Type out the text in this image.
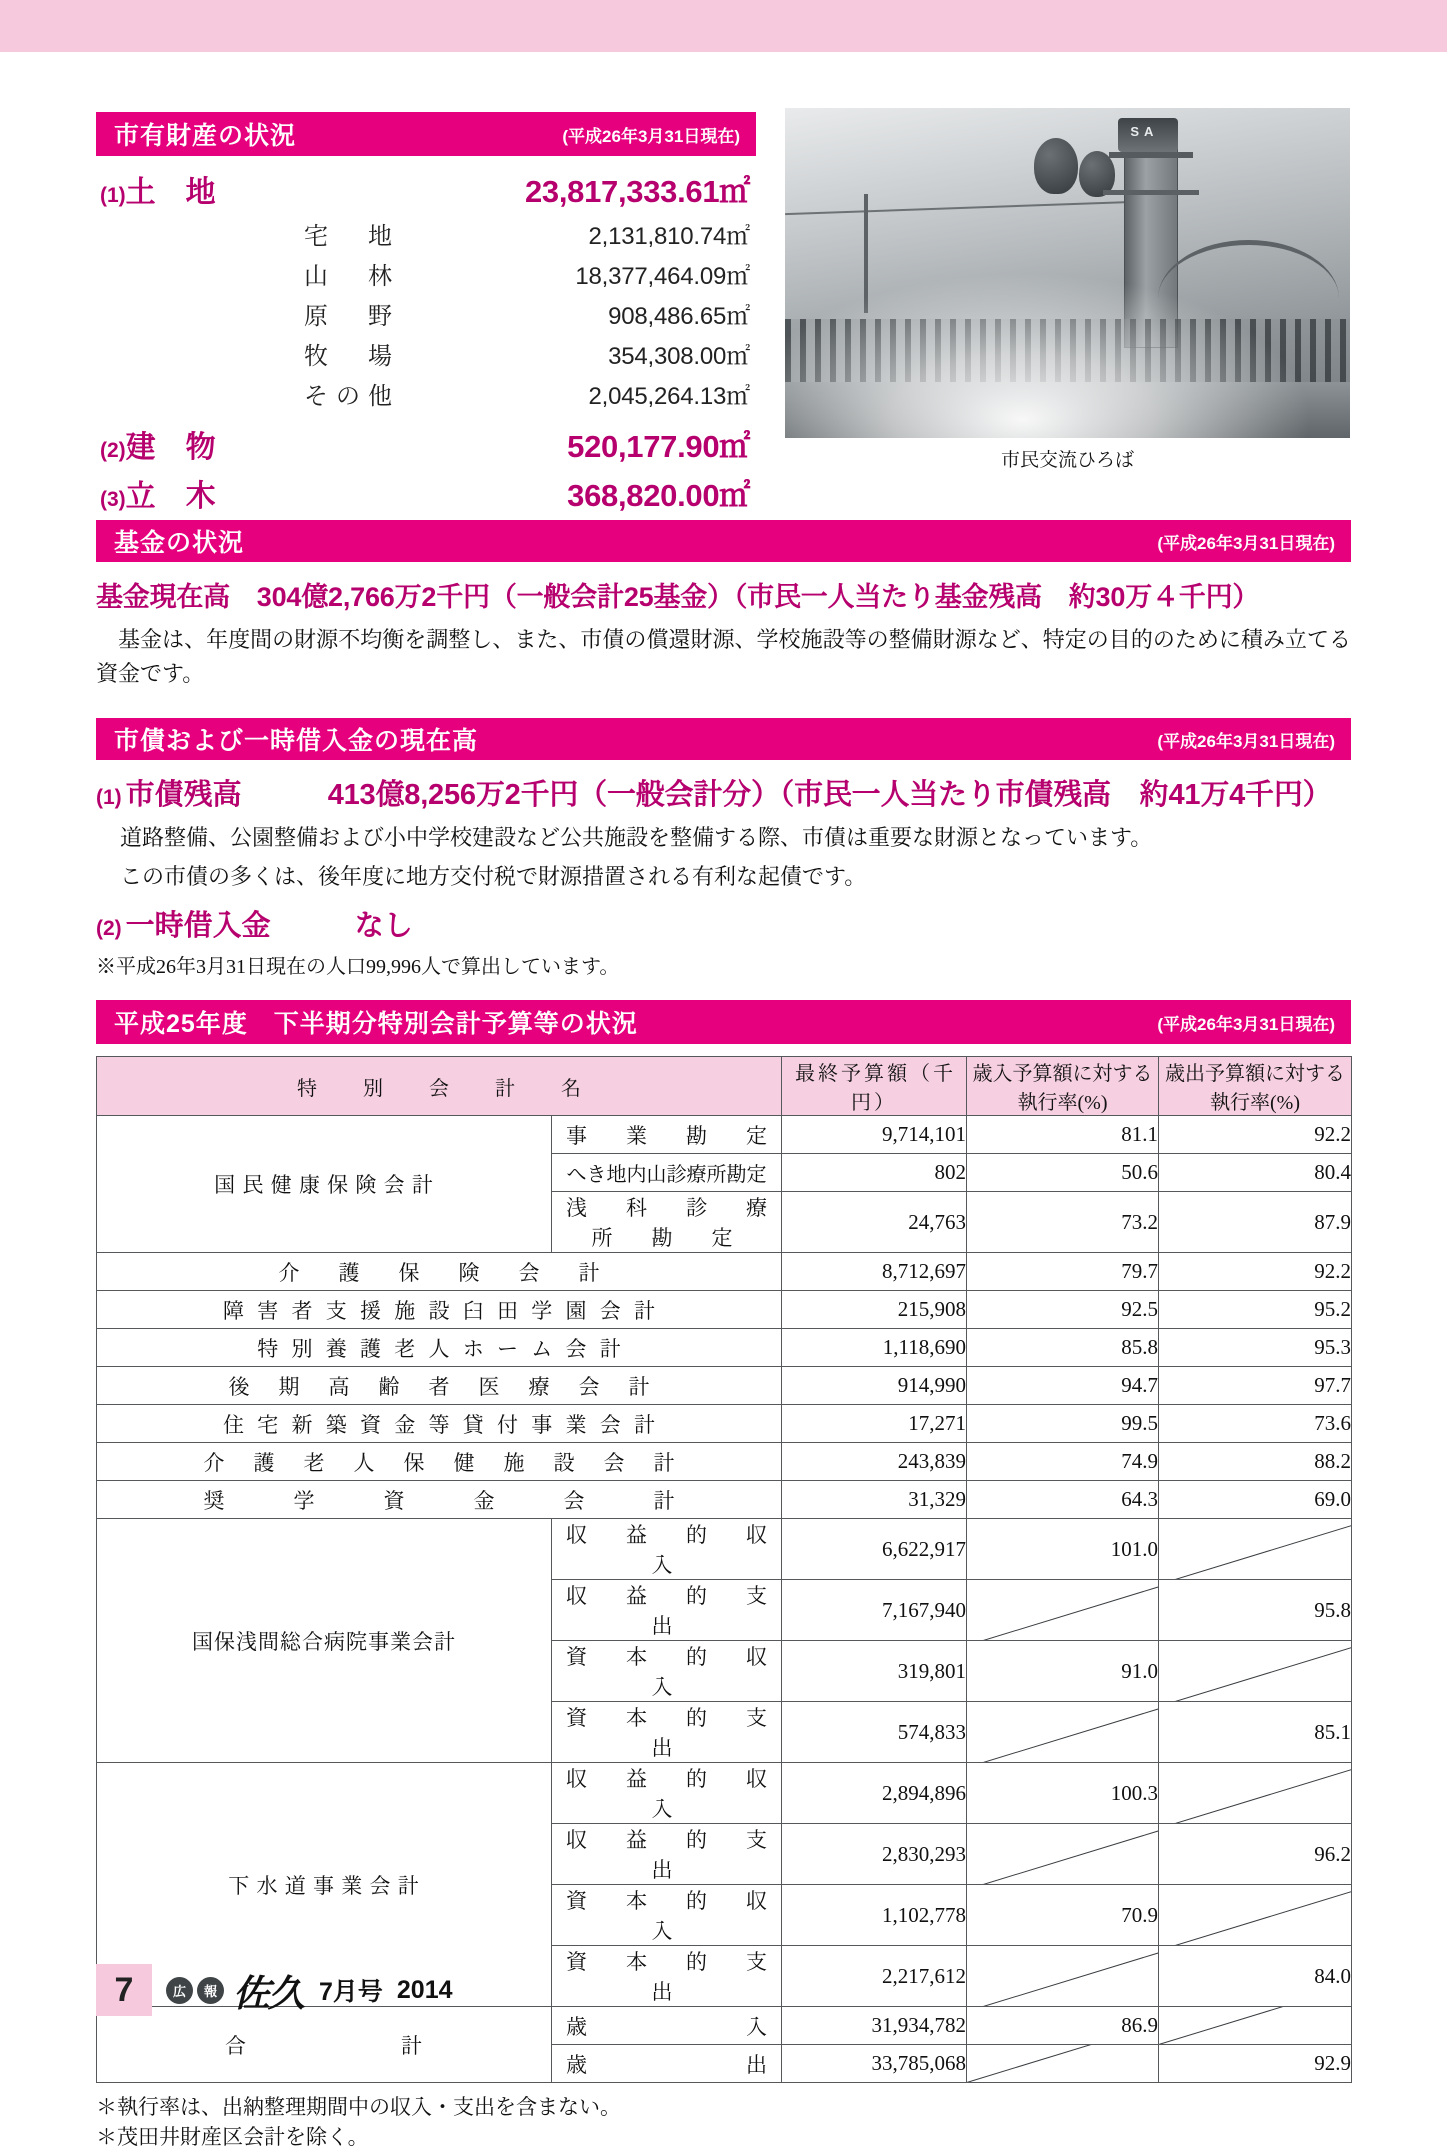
市有財産の状況	(平成26年3月31日現在)
(1)土　地	23,817,333.61㎡
宅　地	2,131,810.74㎡
山　林	18,377,464.09㎡
原　野	908,486.65㎡
牧　場	354,308.00㎡
その他	2,045,264.13㎡
(2)建　物	520,177.90㎡
(3)立　木	368,820.00㎡
SA
市民交流ひろば
基金の状況	(平成26年3月31日現在)
基金現在高　304億2,766万2千円（一般会計25基金）（市民一人当たり基金残高　約30万４千円）
　基金は、年度間の財源不均衡を調整し、また、市債の償還財源、学校施設等の整備財源など、特定の目的のために積み立てる資金です。
市債および一時借入金の現在高	(平成26年3月31日現在)
(1) 市債残高	413億8,256万2千円（一般会計分）（市民一人当たり市債残高　約41万4千円）
道路整備、公園整備および小中学校建設など公共施設を整備する際、市債は重要な財源となっています。
この市債の多くは、後年度に地方交付税で財源措置される有利な起債です。
(2) 一時借入金	なし
※平成26年3月31日現在の人口99,996人で算出しています。
平成25年度　下半期分特別会計予算等の状況	(平成26年3月31日現在)
特　別　会　計　名		最終予算額（千円）	歳入予算額に対する執行率(%)	歳出予算額に対する執行率(%)
国 民 健 康 保 険 会 計	事　業　勘　定	9,714,101	81.1	92.2
	へき地内山診療所勘定	802	50.6	80.4
	浅　科　診　療　所　勘　定	24,763	73.2	87.9
介　護　保　険　会　計		8,712,697	79.7	92.2
障 害 者 支 援 施 設 臼 田 学 園 会 計		215,908	92.5	95.2
特 別 養 護 老 人 ホ ー ム 会 計		1,118,690	85.8	95.3
後　期　高　齢　者　医　療　会　計		914,990	94.7	97.7
住 宅 新 築 資 金 等 貸 付 事 業 会 計		17,271	99.5	73.6
介　護　老　人　保　健　施　設　会　計		243,839	74.9	88.2
奨　　学　　資　　金　　会　　計		31,329	64.3	69.0
国保浅間総合病院事業会計	収　益　的　収　入	6,622,917	101.0	
	収　益　的　支　出	7,167,940		95.8
	資　本　的　収　入	319,801	91.0	
	資　本　的　支　出	574,833		85.1
下 水 道 事 業 会 計	収　益　的　収　入	2,894,896	100.3	
	収　益　的　支　出	2,830,293		96.2
	資　本　的　収　入	1,102,778	70.9	
	資　本　的　支　出	2,217,612		84.0
合　　　　　　　計	歳　　　　　入	31,934,782	86.9	
	歳　　　　　出	33,785,068		92.9
＊執行率は、出納整理期間中の収入・支出を含まない。
＊茂田井財産区会計を除く。
7	広	報 佐久 7月号 2014
